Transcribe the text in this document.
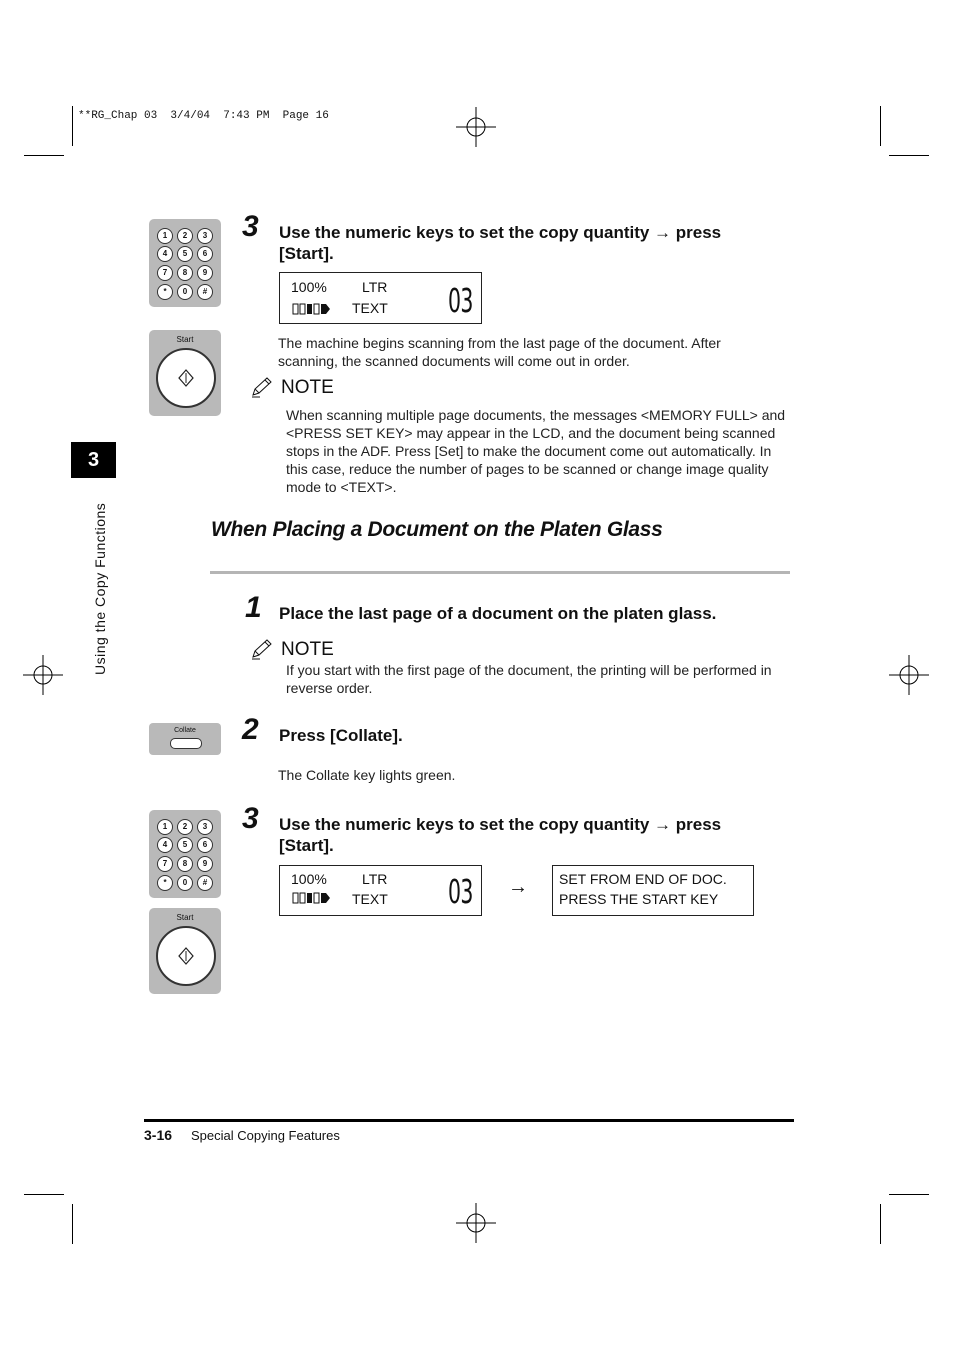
**RG_Chap 03  3/4/04  7:43 PM  Page 16
3
Using the Copy Functions
1	2	3
4	5	6
7	8	9
*	0	#
Start
3 Use the numeric keys to set the copy quantity → press
[Start].
100%	LTR
TEXT 03
The machine begins scanning from the last page of the document. After
scanning, the scanned documents will come out in order.
NOTE
When scanning multiple page documents, the messages <MEMORY FULL> and
<PRESS SET KEY> may appear in the LCD, and the document being scanned
stops in the ADF. Press [Set] to make the document come out automatically. In
this case, reduce the number of pages to be scanned or change image quality
mode to <TEXT>.
When Placing a Document on the Platen Glass
1 Place the last page of a document on the platen glass.
NOTE
If you start with the first page of the document, the printing will be performed in
reverse order.
Collate	2 Press [Collate].
The Collate key lights green.
1	2	3
4	5	6
7	8	9
*	0	#
Start
3 Use the numeric keys to set the copy quantity → press
[Start].
100%	LTR
TEXT 03 → SET FROM END OF DOC.
PRESS THE START KEY
3-16 Special Copying Features
